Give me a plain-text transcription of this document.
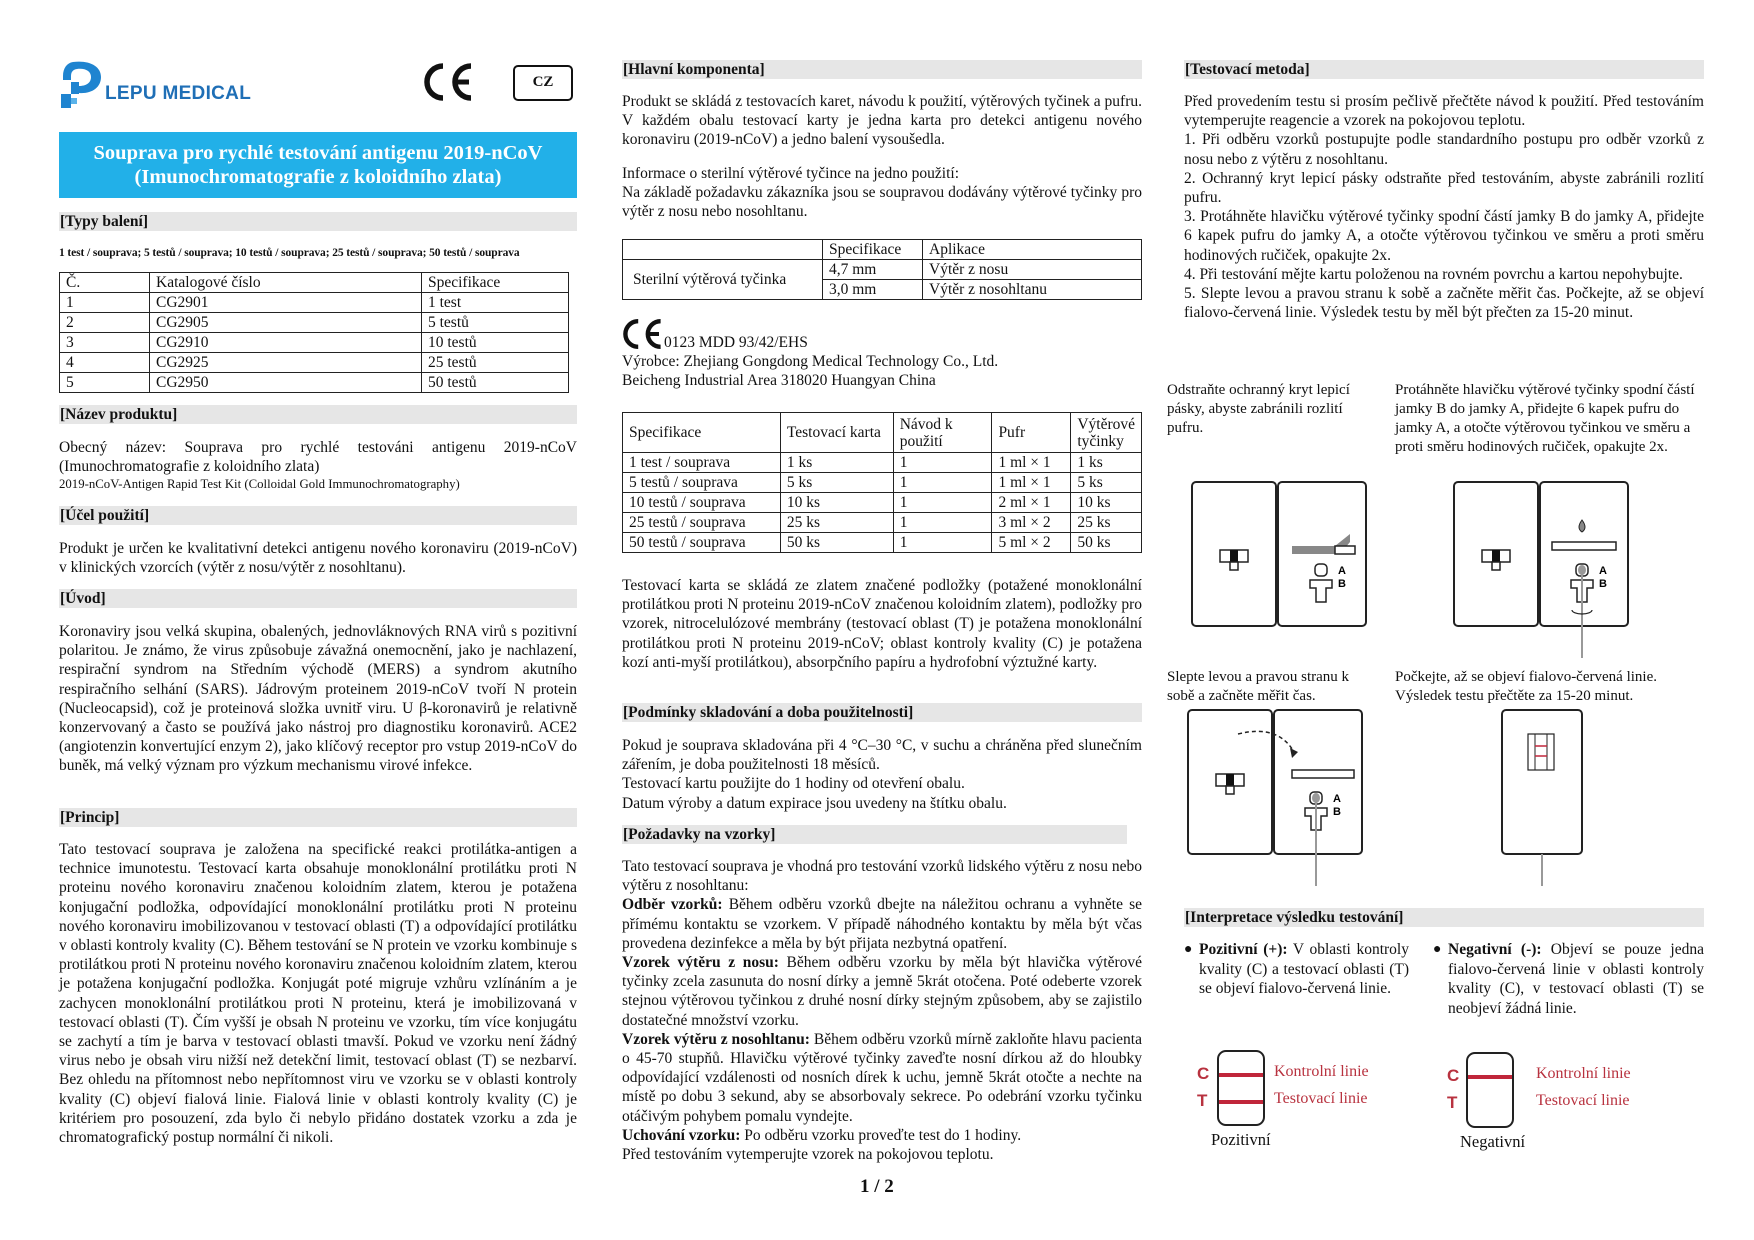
LEPU MEDICAL
CZ
Souprava pro rychlé testování antigenu 2019-nCoV
(Imunochromatografie z koloidního zlata)
[Typy balení]
1 test / souprava; 5 testů / souprava; 10 testů / souprava; 25 testů / souprava; 50 testů / souprava
Č.	Katalogové číslo	Specifikace
1	CG2901	1 test
2	CG2905	5 testů
3	CG2910	10 testů
4	CG2925	25 testů
5	CG2950	50 testů
[Název produktu]

Obecný název: Souprava pro rychlé testováni antigenu 2019-nCoV (Imunochromatografie z koloidního zlata)

2019-nCoV-Antigen Rapid Test Kit (Colloidal Gold Immunochromatography)

[Účel použití]
Produkt je určen ke kvalitativní detekci antigenu nového koronaviru (2019-nCoV) v klinických vzorcích (výtěr z nosu/výtěr z nosohltanu).
[Úvod]
Koronaviry jsou velká skupina, obalených, jednovláknových RNA virů s pozitivní polaritou. Je známo, že virus způsobuje závažná onemocnění, jako je nachlazení, respirační syndrom na Středním východě (MERS) a syndrom akutního respiračního selhání (SARS). Jádrovým proteinem 2019-nCoV tvoří N protein (Nucleocapsid), což je proteinová složka uvnitř viru. U β-koronavirů je relativně konzervovaný a často se používá jako nástroj pro diagnostiku koronavirů. ACE2 (angiotenzin konvertující enzym 2), jako klíčový receptor pro vstup 2019-nCoV do buněk, má velký význam pro výzkum mechanismu virové infekce.
[Princip]
Tato testovací souprava je založena na specifické reakci protilátka-antigen a technice imunotestu. Testovací karta obsahuje monoklonální protilátku proti N proteinu nového koronaviru značenou koloidním zlatem, kterou je potažena konjugační podložka, odpovídající monoklonální protilátku proti N proteinu nového koronaviru imobilizovanou v testovací oblasti (T) a odpovídající protilátku v oblasti kontroly kvality (C). Během testování se N protein ve vzorku kombinuje s protilátkou proti N proteinu nového koronaviru značenou koloidním zlatem, kterou je potažena konjugační podložka. Konjugát poté migruje vzhůru vzlínáním a je zachycen monoklonální protilátkou proti N proteinu, která je imobilizovaná v testovací oblasti (T). Čím vyšší je obsah N proteinu ve vzorku, tím více konjugátu se zachytí a tím je barva v testovací oblasti tmavší. Pokud ve vzorku není žádný virus nebo je obsah viru nižší než detekční limit, testovací oblast (T) se nezbarví. Bez ohledu na přítomnost nebo nepřítomnost viru ve vzorku se v oblasti kontroly kvality (C) objeví fialová linie. Fialová linie v oblasti kontroly kvality (C) je kritériem pro posouzení, zda bylo či nebylo přidáno dostatek vzorku a zda je chromatografický postup normální či nikoli.
[Hlavní komponenta]
Produkt se skládá z testovacích karet, návodu k použití, výtěrových tyčinek a pufru. V každém obalu testovací karty je jedna karta pro detekci antigenu nového koronaviru (2019-nCoV) a jedno balení vysoušedla.

Informace o sterilní výtěrové tyčince na jedno použití:

Na základě požadavku zákazníka jsou se soupravou dodávány výtěrové tyčinky pro výtěr z nosu nebo nosohltanu.

	Specifikace	Aplikace
Sterilní výtěrová tyčinka	4,7 mm	Výtěr z nosu
	3,0 mm	Výtěr z nosohltanu
0123 MDD 93/42/EHS
Výrobce: Zhejiang Gongdong Medical Technology Co., Ltd.
Beicheng Industrial Area 318020 Huangyan China
Specifikace	Testovací karta	Návod k použití	Pufr	Výtěrové tyčinky
1 test / souprava	1 ks	1	1 ml × 1	1 ks
5 testů / souprava	5 ks	1	1 ml × 1	5 ks
10 testů / souprava	10 ks	1	2 ml × 1	10 ks
25 testů / souprava	25 ks	1	3 ml × 2	25 ks
50 testů / souprava	50 ks	1	5 ml × 2	50 ks
Testovací karta se skládá ze zlatem značené podložky (potažené monoklonální protilátkou proti N proteinu 2019-nCoV značenou koloidním zlatem), podložky pro vzorek, nitrocelulózové membrány (testovací oblast (T) je potažena monoklonální protilátkou proti N proteinu 2019-nCoV; oblast kontroly kvality (C) je potažena kozí anti-myší protilátkou), absorpčního papíru a hydrofobní výztužné karty.
[Podmínky skladování a doba použitelnosti]

Pokud je souprava skladována při 4 °C–30 °C, v suchu a chráněna před slunečním zářením, je doba použitelnosti 18 měsíců.

Testovací kartu použijte do 1 hodiny od otevření obalu.

Datum výroby a datum expirace jsou uvedeny na štítku obalu.

[Požadavky na vzorky]

Tato testovací souprava je vhodná pro testování vzorků lidského výtěru z nosu nebo výtěru z nosohltanu:

Odběr vzorků: Během odběru vzorků dbejte na náležitou ochranu a vyhněte se přímému kontaktu se vzorkem. V případě náhodného kontaktu by měla být včas provedena dezinfekce a měla by být přijata nezbytná opatření.

Vzorek výtěru z nosu: Během odběru vzorku by měla být hlavička výtěrové tyčinky zcela zasunuta do nosní dírky a jemně 5krát otočena. Poté odeberte vzorek stejnou výtěrovou tyčinkou z druhé nosní dírky stejným způsobem, aby se zajistilo dostatečné množství vzorku.

Vzorek výtěru z nosohltanu: Během odběru vzorků mírně zakloňte hlavu pacienta o 45-70 stupňů. Hlavičku výtěrové tyčinky zaveďte nosní dírkou až do hloubky odpovídající vzdálenosti od nosních dírek k uchu, jemně 5krát otočte a nechte na místě po dobu 3 sekund, aby se absorbovaly sekrece. Po odebrání vzorku tyčinku otáčivým pohybem pomalu vyndejte.

Uchování vzorku: Po odběru vzorku proveďte test do 1 hodiny.

Před testováním vytemperujte vzorek na pokojovou teplotu.

1 / 2
[Testovací metoda]

Před provedením testu si prosím pečlivě přečtěte návod k použití. Před testováním vytemperujte reagencie a vzorek na pokojovou teplotu.

1. Při odběru vzorků postupujte podle standardního postupu pro odběr vzorků z nosu nebo z výtěru z nosohltanu.

2. Ochranný kryt lepicí pásky odstraňte před testováním, abyste zabránili rozlití pufru.

3. Protáhněte hlavičku výtěrové tyčinky spodní částí jamky B do jamky A, přidejte 6 kapek pufru do jamky A, a otočte výtěrovou tyčinkou ve směru a proti směru hodinových ručiček, opakujte 2x.

4. Při testování mějte kartu položenou na rovném povrchu a kartou nepohybujte.

5. Slepte levou a pravou stranu k sobě a začněte měřit čas. Počkejte, až se objeví fialovo-červená linie. Výsledek testu by měl být přečten za 15-20 minut.

Odstraňte ochranný kryt lepicí pásky, abyste zabránili rozlití pufru.
A
B
Protáhněte hlavičku výtěrové tyčinky spodní částí jamky B do jamky A, přidejte 6 kapek pufru do jamky A, a otočte výtěrovou tyčinkou ve směru a proti směru hodinových ručiček, opakujte 2x.
A
B
Slepte levou a pravou stranu k sobě a začněte měřit čas.
A
B
Počkejte, až se objeví fialovo-červená linie. Výsledek testu přečtěte za 15-20 minut.
[Interpretace výsledku testování]
● Pozitivní (+): V oblasti kontroly kvality (C) a testovací oblasti (T) se objeví fialovo-červená linie.
● Negativní (-): Objeví se pouze jedna fialovo-červená linie v oblasti kontroly kvality (C), v testovací oblasti (T) se neobjeví žádná linie.
C
T
Kontrolní linie
Testovací linie
Pozitivní
C
T
Kontrolní linie
Testovací linie
Negativní
